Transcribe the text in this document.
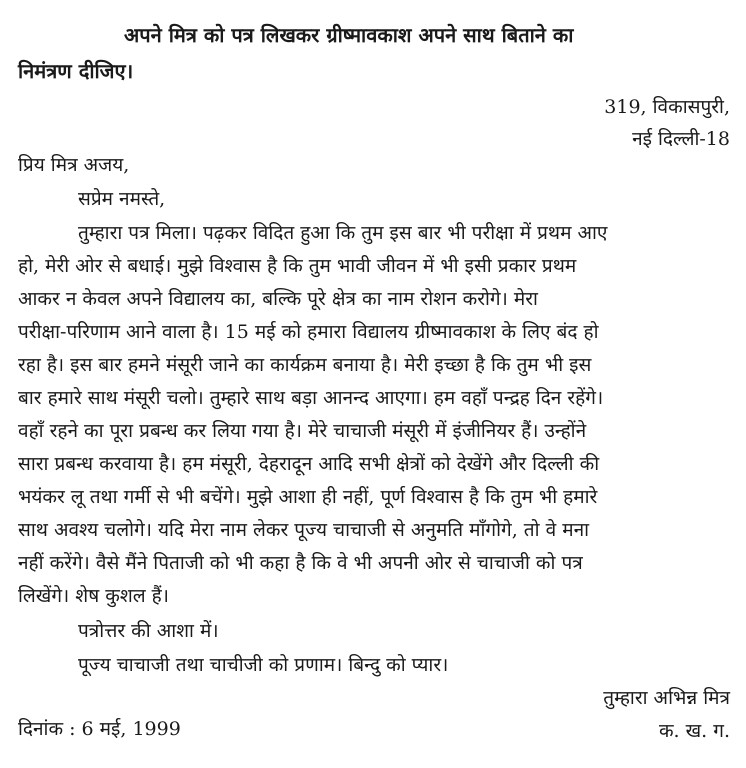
अपने मित्र को पत्र लिखकर ग्रीष्मावकाश अपने साथ बिताने का
निमंत्रण दीजिए।
319, विकासपुरी,
नई दिल्ली-18
प्रिय मित्र अजय,
सप्रेम नमस्ते,
तुम्हारा पत्र मिला। पढ़कर विदित हुआ कि तुम इस बार भी परीक्षा में प्रथम आए
हो, मेरी ओर से बधाई। मुझे विश्वास है कि तुम भावी जीवन में भी इसी प्रकार प्रथम
आकर न केवल अपने विद्यालय का, बल्कि पूरे क्षेत्र का नाम रोशन करोगे। मेरा
परीक्षा-परिणाम आने वाला है। 15 मई को हमारा विद्यालय ग्रीष्मावकाश के लिए बंद हो
रहा है। इस बार हमने मंसूरी जाने का कार्यक्रम बनाया है। मेरी इच्छा है कि तुम भी इस
बार हमारे साथ मंसूरी चलो। तुम्हारे साथ बड़ा आनन्द आएगा। हम वहाँ पन्द्रह दिन रहेंगे।
वहाँ रहने का पूरा प्रबन्ध कर लिया गया है। मेरे चाचाजी मंसूरी में इंजीनियर हैं। उन्होंने
सारा प्रबन्ध करवाया है। हम मंसूरी, देहरादून आदि सभी क्षेत्रों को देखेंगे और दिल्ली की
भयंकर लू तथा गर्मी से भी बचेंगे। मुझे आशा ही नहीं, पूर्ण विश्वास है कि तुम भी हमारे
साथ अवश्य चलोगे। यदि मेरा नाम लेकर पूज्य चाचाजी से अनुमति माँगोगे, तो वे मना
नहीं करेंगे। वैसे मैंने पिताजी को भी कहा है कि वे भी अपनी ओर से चाचाजी को पत्र
लिखेंगे। शेष कुशल हैं।
पत्रोत्तर की आशा में।
पूज्य चाचाजी तथा चाचीजी को प्रणाम। बिन्दु को प्यार।
तुम्हारा अभिन्न मित्र
दिनांक : 6 मई, 1999	क. ख. ग.
